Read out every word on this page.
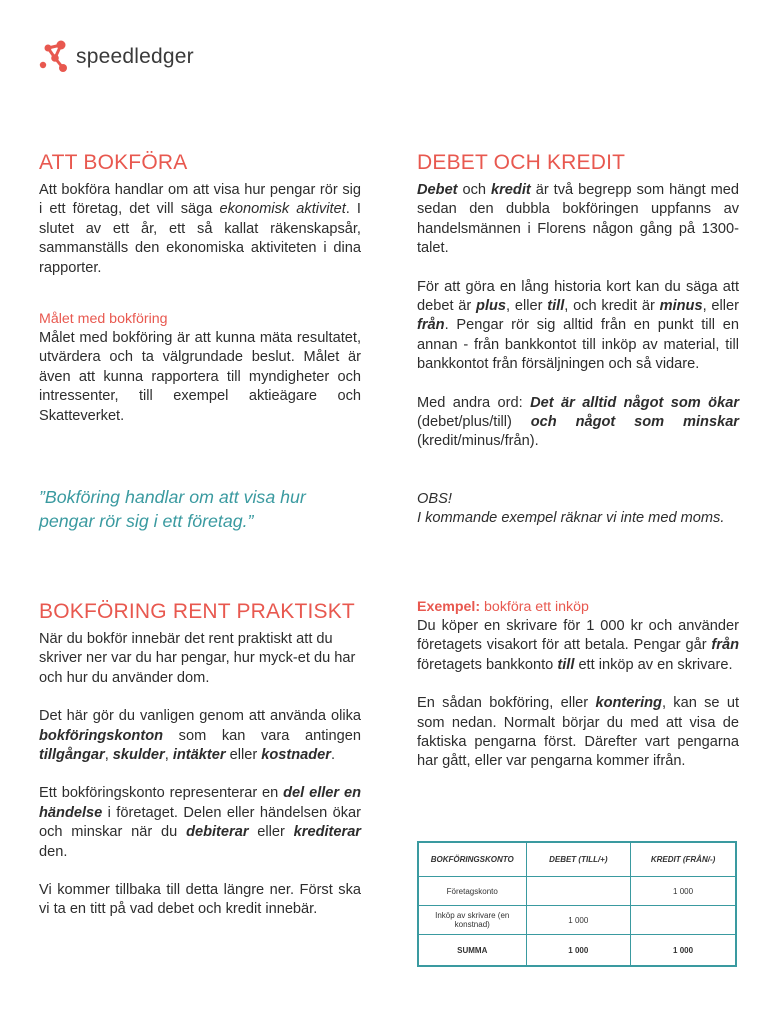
speedledger
ATT BOKFÖRA

Att bokföra handlar om att visa hur pengar rör sig i ett företag, det vill säga ekonomisk aktivitet. I slutet av ett år, ett så kallat räkenskapsår, sammanställs den ekonomiska aktiviteten i dina rapporter.

Målet med bokföring

Målet med bokföring är att kunna mäta resultatet, utvärdera och ta välgrundade beslut. Målet är även att kunna rapportera till myndigheter och intressenter, till exempel aktieägare och Skatteverket.

”Bokföring handlar om att visa hur pengar rör sig i ett företag.”
BOKFÖRING RENT PRAKTISKT

När du bokför innebär det rent praktiskt att du skriver ner var du har pengar, hur myck-et du har och hur du använder dom.

Det här gör du vanligen genom att använda olika bokföringskonton som kan vara antingen tillgångar, skulder, intäkter eller kostnader.

Ett bokföringskonto representerar en del eller en händelse i företaget. Delen eller händelsen ökar och minskar när du debiterar eller krediterar den.

Vi kommer tillbaka till detta längre ner. Först ska vi ta en titt på vad debet och kredit innebär.

DEBET OCH KREDIT

Debet och kredit är två begrepp som hängt med sedan den dubbla bokföringen uppfanns av handelsmännen i Florens någon gång på 1300-talet.

För att göra en lång historia kort kan du säga att debet är plus, eller till, och kredit är minus, eller från. Pengar rör sig alltid från en punkt till en annan - från bankkontot till inköp av material, till bankkontot från försäljningen och så vidare.

Med andra ord: Det är alltid något som ökar (debet/plus/till) och något som minskar (kredit/minus/från).

OBS!
I kommande exempel räknar vi inte med moms.

Exempel: bokföra ett inköp

Du köper en skrivare för 1 000 kr och använder företagets visakort för att betala. Pengar går från företagets bankkonto till ett inköp av en skrivare.

En sådan bokföring, eller kontering, kan se ut som nedan. Normalt börjar du med att visa de faktiska pengarna först. Därefter vart pengarna har gått, eller var pengarna kommer ifrån.

BOKFÖRINGSKONTO	DEBET (TILL/+)	KREDIT (FRÅN/-)
Företagskonto		1 000
Inköp av skrivare (en konstnad)	1 000	
SUMMA	1 000	1 000
